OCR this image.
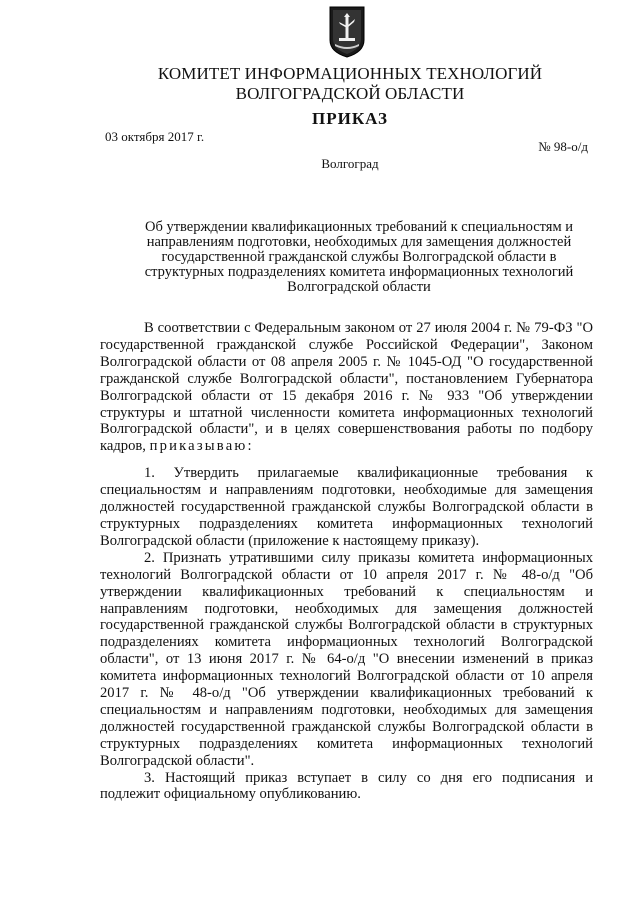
КОМИТЕТ ИНФОРМАЦИОННЫХ ТЕХНОЛОГИЙ
ВОЛГОГРАДСКОЙ ОБЛАСТИ
ПРИКАЗ
03 октября 2017 г.
№ 98-о/д
Волгоград
Об утверждении квалификационных требований к специальностям и направлениям подготовки, необходимых для замещения должностей государственной гражданской службы Волгоградской области в структурных подразделениях комитета информационных технологий Волгоградской области

В соответствии с Федеральным законом от 27 июля 2004 г. № 79-ФЗ "О государственной гражданской службе Российской Федерации", Законом Волгоградской области от 08 апреля 2005 г. № 1045-ОД "О государственной гражданской службе Волгоградской области", постановлением Губернатора Волгоградской области от 15 декабря 2016 г. № 933 "Об утверждении структуры и штатной численности комитета информационных технологий Волгоградской области", и в целях совершенствования работы по подбору кадров, приказываю:

1. Утвердить прилагаемые квалификационные требования к специальностям и направлениям подготовки, необходимые для замещения должностей государственной гражданской службы Волгоградской области в структурных подразделениях комитета информационных технологий Волгоградской области (приложение к настоящему приказу).

2. Признать утратившими силу приказы комитета информационных технологий Волгоградской области от 10 апреля 2017 г. № 48-о/д "Об утверждении квалификационных требований к специальностям и направлениям подготовки, необходимых для замещения должностей государственной гражданской службы Волгоградской области в структурных подразделениях комитета информационных технологий Волгоградской области", от 13 июня 2017 г. № 64-о/д "О внесении изменений в приказ комитета информационных технологий Волгоградской области от 10 апреля 2017 г. № 48-о/д "Об утверждении квалификационных требований к специальностям и направлениям подготовки, необходимых для замещения должностей государственной гражданской службы Волгоградской области в структурных подразделениях комитета информационных технологий Волгоградской области".

3. Настоящий приказ вступает в силу со дня его подписания и подлежит официальному опубликованию.
